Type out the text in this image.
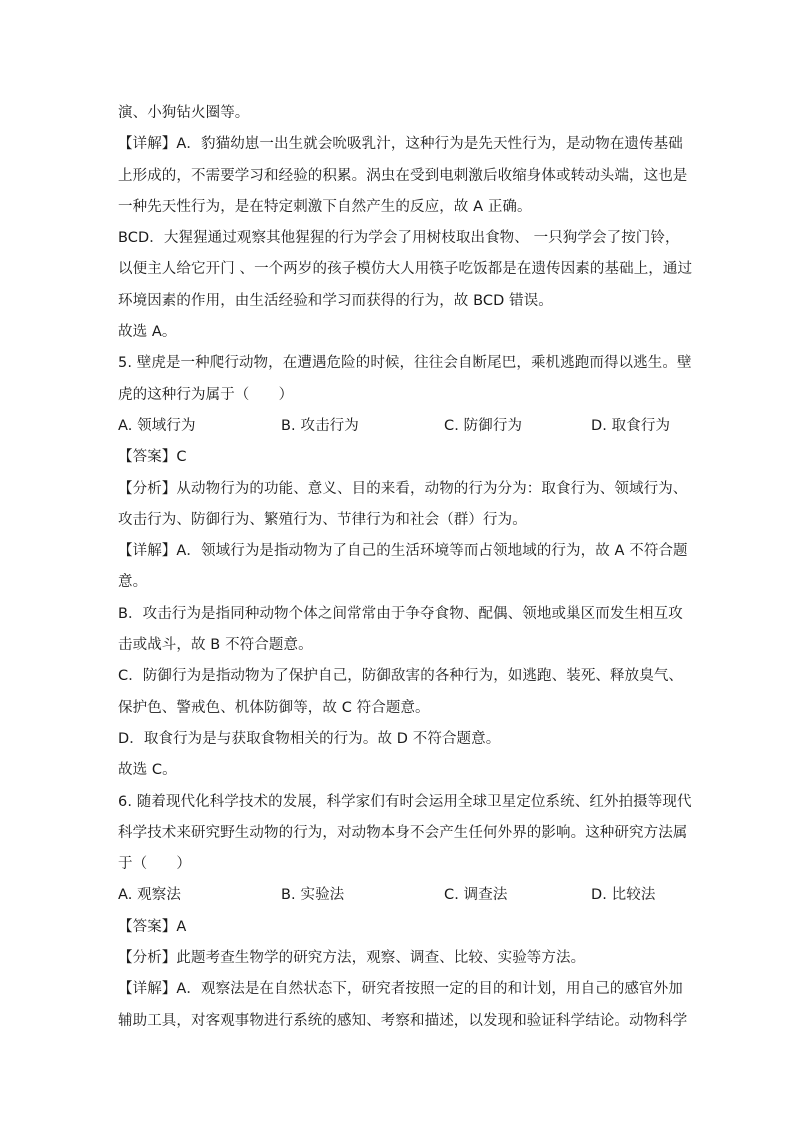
演、小狗钻火圈等。
【详解】A．豹猫幼崽一出生就会吮吸乳汁，这种行为是先天性行为，是动物在遗传基础
上形成的，不需要学习和经验的积累。涡虫在受到电刺激后收缩身体或转动头端，这也是
一种先天性行为，是在特定刺激下自然产生的反应，故 A 正确。
BCD．大猩猩通过观察其他猩猩的行为学会了用树枝取出食物、 一只狗学会了按门铃，
以便主人给它开门 、一个两岁的孩子模仿大人用筷子吃饭都是在遗传因素的基础上，通过
环境因素的作用，由生活经验和学习而获得的行为，故 BCD 错误。
故选 A。
5. 壁虎是一种爬行动物，在遭遇危险的时候，往往会自断尾巴，乘机逃跑而得以逃生。壁
虎的这种行为属于（　　）
A. 领域行为	B. 攻击行为	C. 防御行为	D. 取食行为
【答案】C
【分析】从动物行为的功能、意义、目的来看，动物的行为分为：取食行为、领域行为、
攻击行为、防御行为、繁殖行为、节律行为和社会（群）行为。
【详解】A．领域行为是指动物为了自己的生活环境等而占领地域的行为，故 A 不符合题
意。
B．攻击行为是指同种动物个体之间常常由于争夺食物、配偶、领地或巢区而发生相互攻
击或战斗，故 B 不符合题意。
C．防御行为是指动物为了保护自己，防御敌害的各种行为，如逃跑、装死、释放臭气、
保护色、警戒色、机体防御等，故 C 符合题意。
D．取食行为是与获取食物相关的行为。故 D 不符合题意。
故选 C。
6. 随着现代化科学技术的发展，科学家们有时会运用全球卫星定位系统、红外拍摄等现代
科学技术来研究野生动物的行为，对动物本身不会产生任何外界的影响。这种研究方法属
于（　　）
A. 观察法	B. 实验法	C. 调查法	D. 比较法
【答案】A
【分析】此题考查生物学的研究方法，观察、调查、比较、实验等方法。
【详解】A．观察法是在自然状态下，研究者按照一定的目的和计划，用自己的感官外加
辅助工具，对客观事物进行系统的感知、考察和描述，以发现和验证科学结论。动物科学
